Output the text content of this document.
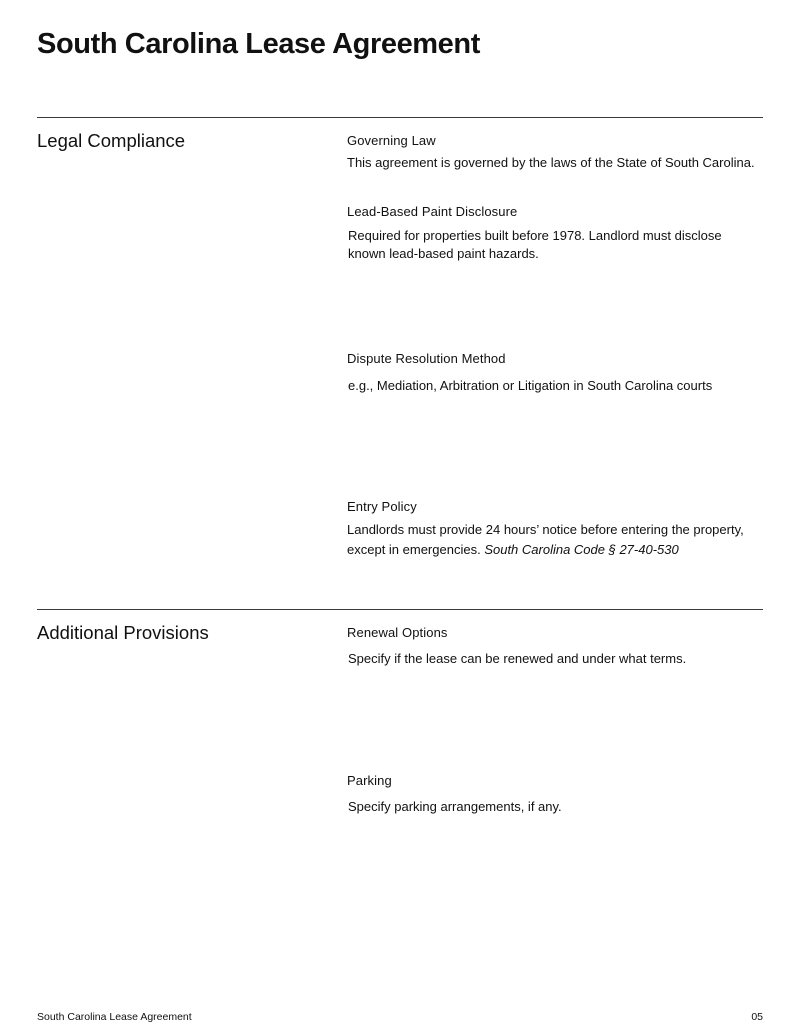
South Carolina Lease Agreement
Legal Compliance	Governing Law

This agreement is governed by the laws of the State of South Carolina.

Lead-Based Paint Disclosure

Required for properties built before 1978. Landlord must disclose known lead-based paint hazards.

Dispute Resolution Method

e.g., Mediation, Arbitration or Litigation in South Carolina courts

Entry Policy

Landlords must provide 24 hours’ notice before entering the property, except in emergencies. South Carolina Code § 27-40-530

Additional Provisions	Renewal Options

Specify if the lease can be renewed and under what terms.

Parking

Specify parking arrangements, if any.

South Carolina Lease Agreement	05
